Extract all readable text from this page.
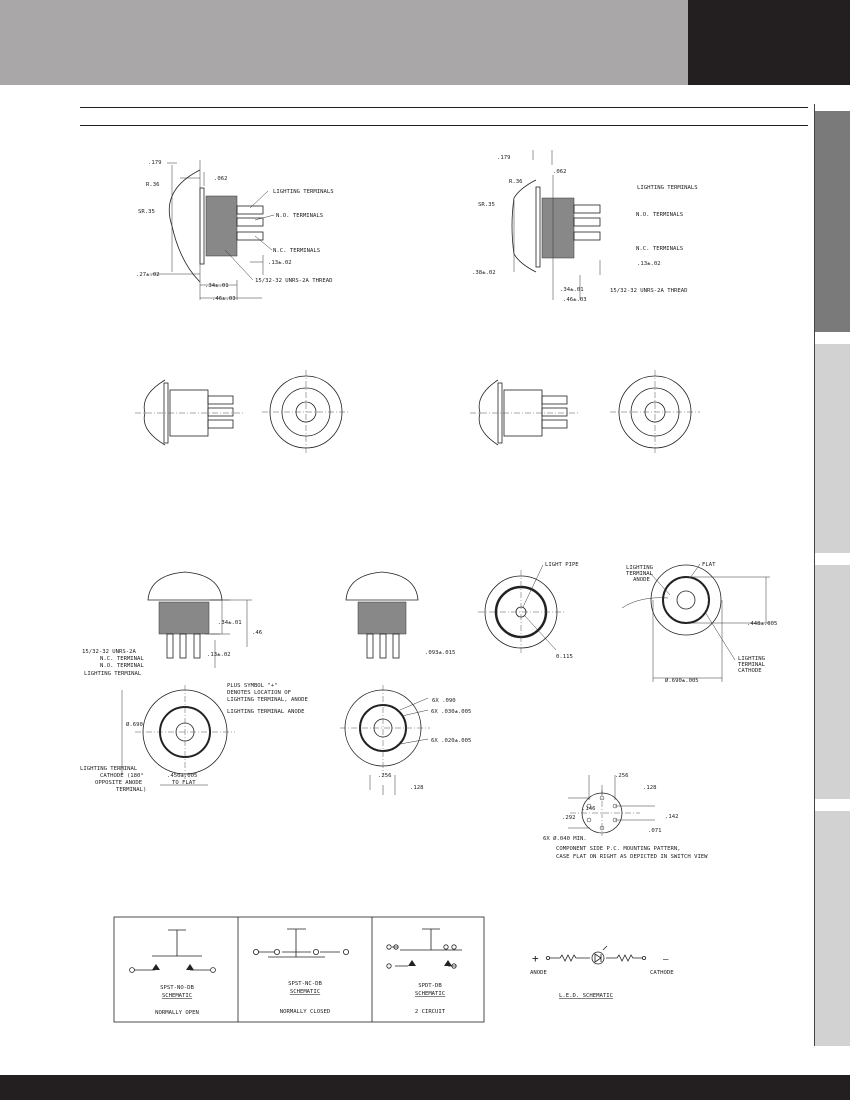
.179
R.36
.062
SR.35
.27±.02
.34±.01
.46±.03
.13±.02
LIGHTING TERMINALS
N.O. TERMINALS
N.C. TERMINALS
15/32-32 UNRS-2A THREAD
.179
R.36
.062
SR.35
.38±.02
.34±.01
.46±.03
.13±.02
LIGHTING TERMINALS
N.O. TERMINALS
N.C. TERMINALS
15/32-32 UNRS-2A THREAD
.34±.01
.46
.13±.02
15/32-32 UNRS-2A
N.C. TERMINAL
N.O. TERMINAL
LIGHTING TERMINAL
PLUS SYMBOL "+"
DENOTES LOCATION OF
LIGHTING TERMINAL, ANODE
LIGHTING TERMINAL ANODE
Ø.690
LIGHTING TERMINAL
CATHODE (180°
OPPOSITE ANODE
TERMINAL)
.450±.005
TO FLAT
.093±.015
6X .090
6X .030±.005
6X .020±.005
.256
.128
LIGHT PIPE
0.115
LIGHTING
TERMINAL
ANODE
FLAT
.448±.005
Ø.690±.005
LIGHTING
TERMINAL
CATHODE
.256
.128
.146
.292	.142
.071
6X Ø.040 MIN.
COMPONENT SIDE P.C. MOUNTING PATTERN,
CASE FLAT ON RIGHT AS DEPICTED IN SWITCH VIEW
SPST-NO-DB
SCHEMATIC
NORMALLY OPEN
SPST-NC-DB
SCHEMATIC
NORMALLY CLOSED
SPDT-DB
SCHEMATIC
2 CIRCUIT
+	—
ANODE	CATHODE
L.E.D. SCHEMATIC
